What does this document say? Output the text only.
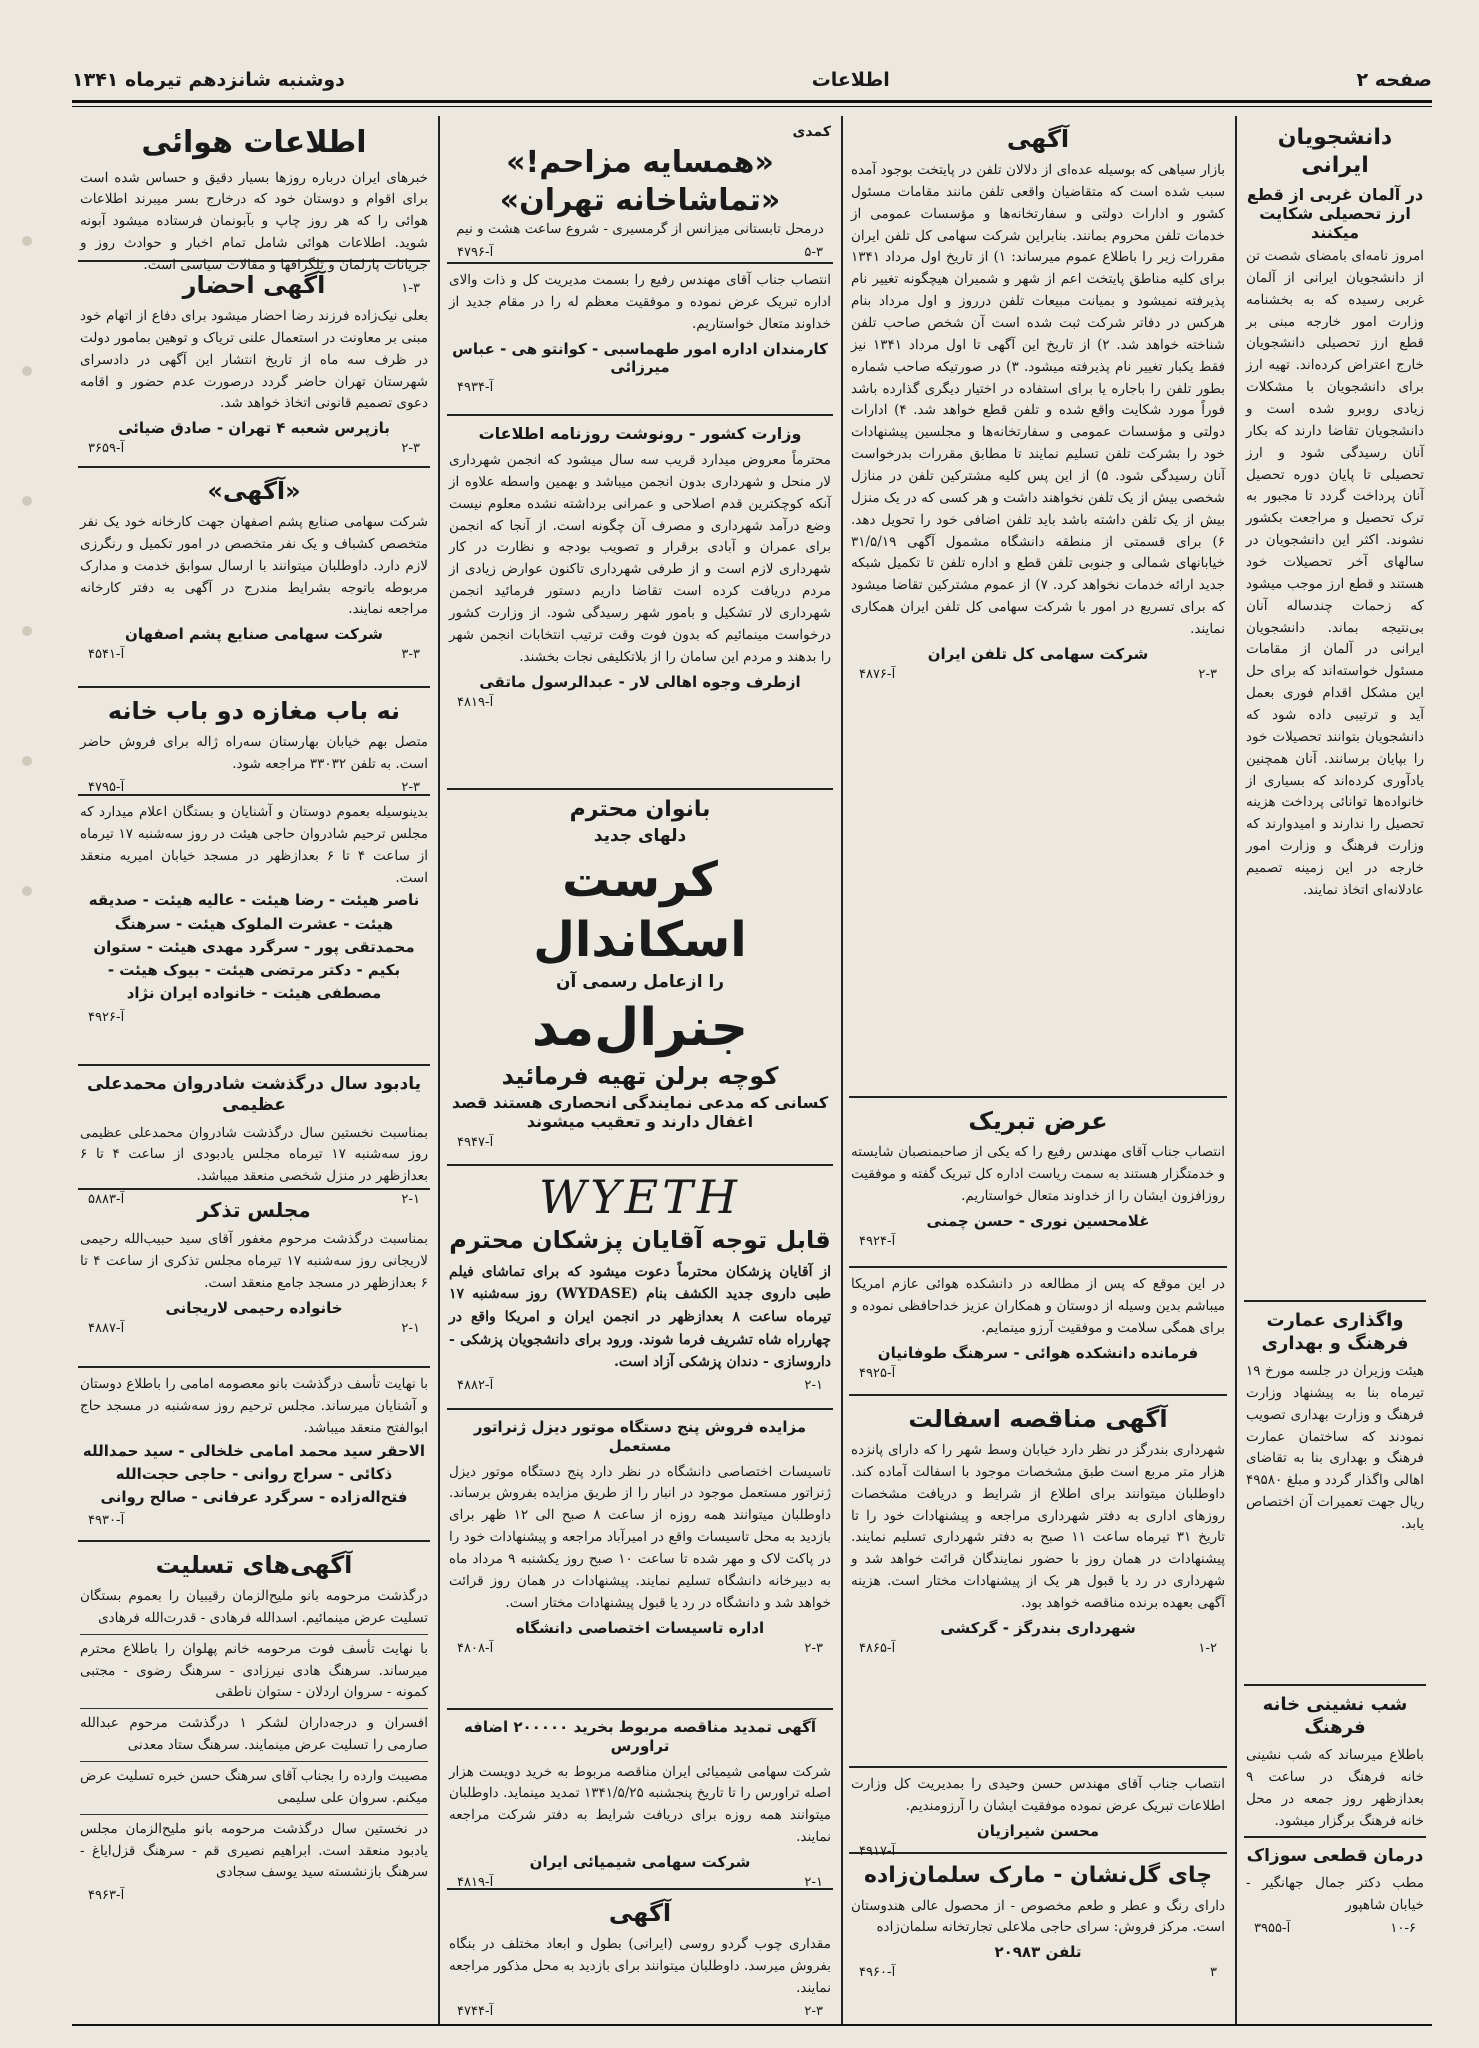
صفحه ۲
اطلاعات
دوشنبه شانزدهم تیرماه ۱۳۴۱
دانشجویان ایرانی
در آلمان غربی از قطع ارز تحصیلی شکایت میکنند
امروز نامه‌ای بامضای شصت تن از دانشجویان ایرانی از آلمان غربی رسیده که به بخشنامه وزارت امور خارجه مبنی بر قطع ارز تحصیلی دانشجویان خارج اعتراض کرده‌اند. تهیه ارز برای دانشجویان با مشکلات زیادی روبرو شده است و دانشجویان تقاضا دارند که بکار آنان رسیدگی شود و ارز تحصیلی تا پایان دوره تحصیل آنان پرداخت گردد تا مجبور به ترک تحصیل و مراجعت بکشور نشوند. اکثر این دانشجویان در سالهای آخر تحصیلات خود هستند و قطع ارز موجب میشود که زحمات چندساله آنان بی‌نتیجه بماند. دانشجویان ایرانی در آلمان از مقامات مسئول خواسته‌اند که برای حل این مشکل اقدام فوری بعمل آید و ترتیبی داده شود که دانشجویان بتوانند تحصیلات خود را بپایان برسانند. آنان همچنین یادآوری کرده‌اند که بسیاری از خانواده‌ها توانائی پرداخت هزینه تحصیل را ندارند و امیدوارند که وزارت فرهنگ و وزارت امور خارجه در این زمینه تصمیم عادلانه‌ای اتخاذ نمایند.
واگذاری عمارت فرهنگ و بهداری
هیئت وزیران در جلسه مورخ ۱۹ تیرماه بنا به پیشنهاد وزارت فرهنگ و وزارت بهداری تصویب نمودند که ساختمان عمارت فرهنگ و بهداری بنا به تقاضای اهالی واگذار گردد و مبلغ ۴۹۵۸۰ ریال جهت تعمیرات آن اختصاص یابد.
شب نشینی خانه فرهنگ
باطلاع میرساند که شب نشینی خانه فرهنگ در ساعت ۹ بعدازظهر روز جمعه در محل خانه فرهنگ برگزار میشود.
درمان قطعی سوزاک
مطب دکتر جمال جهانگیر - خیابان شاهپور
۳۹۵۵-آ	۱۰-۶
آگهی
بازار سیاهی که بوسیله عده‌ای از دلالان تلفن در پایتخت بوجود آمده سبب شده است که متقاضیان واقعی تلفن مانند مقامات مسئول کشور و ادارات دولتی و سفارتخانه‌ها و مؤسسات عمومی از خدمات تلفن محروم بمانند. بنابراین شرکت سهامی کل تلفن ایران مقررات زیر را باطلاع عموم میرساند: ۱) از تاریخ اول مرداد ۱۳۴۱ برای کلیه مناطق پایتخت اعم از شهر و شمیران هیچگونه تغییر نام پذیرفته نمیشود و بمیانت مبیعات تلفن درروز و اول مرداد بنام هرکس در دفاتر شرکت ثبت شده است آن شخص صاحب تلفن شناخته خواهد شد. ۲) از تاریخ این آگهی تا اول مرداد ۱۳۴۱ نیز فقط یکبار تغییر نام پذیرفته میشود. ۳) در صورتیکه صاحب شماره بطور تلفن را باجاره یا برای استفاده در اختیار دیگری گذارده باشد فوراً مورد شکایت واقع شده و تلفن قطع خواهد شد. ۴) ادارات دولتی و مؤسسات عمومی و سفارتخانه‌ها و مجلسین پیشنهادات خود را بشرکت تلفن تسلیم نمایند تا مطابق مقررات بدرخواست آنان رسیدگی شود. ۵) از این پس کلیه مشترکین تلفن در منازل شخصی بیش از یک تلفن نخواهند داشت و هر کسی که در یک منزل بیش از یک تلفن داشته باشد باید تلفن اضافی خود را تحویل دهد. ۶) برای قسمتی از منطقه دانشگاه مشمول آگهی ۳۱/۵/۱۹ خیابانهای شمالی و جنوبی تلفن قطع و اداره تلفن تا تکمیل شبکه جدید ارائه خدمات نخواهد کرد. ۷) از عموم مشترکین تقاضا میشود که برای تسریع در امور با شرکت سهامی کل تلفن ایران همکاری نمایند.
شرکت سهامی کل تلفن ایران
۴۸۷۶-آ	۲-۳
عرض تبریک
انتصاب جناب آقای مهندس رفیع را که یکی از صاحبمنصبان شایسته و خدمتگزار هستند به سمت ریاست اداره کل تبریک گفته و موفقیت روزافزون ایشان را از خداوند متعال خواستاریم.
غلامحسین نوری - حسن چمنی
۴۹۲۴-آ
در این موقع که پس از مطالعه در دانشکده هوائی عازم امریکا میباشم بدین وسیله از دوستان و همکاران عزیز خداحافظی نموده و برای همگی سلامت و موفقیت آرزو مینمایم.
فرمانده دانشکده هوائی - سرهنگ طوفانیان
۴۹۲۵-آ
آگهی مناقصه اسفالت
شهرداری بندرگز در نظر دارد خیابان وسط شهر را که دارای پانزده هزار متر مربع است طبق مشخصات موجود با اسفالت آماده کند. داوطلبان میتوانند برای اطلاع از شرایط و دریافت مشخصات روزهای اداری به دفتر شهرداری مراجعه و پیشنهادات خود را تا تاریخ ۳۱ تیرماه ساعت ۱۱ صبح به دفتر شهرداری تسلیم نمایند. پیشنهادات در همان روز با حضور نمایندگان قرائت خواهد شد و شهرداری در رد یا قبول هر یک از پیشنهادات مختار است. هزینه آگهی بعهده برنده مناقصه خواهد بود.
شهرداری بندرگز - گرکشی
۴۸۶۵-آ	۱-۲
انتصاب جناب آقای مهندس حسن وحیدی را بمدیریت کل وزارت اطلاعات تبریک عرض نموده موفقیت ایشان را آرزومندیم.
محسن شیرازیان
۴۹۱۷-آ
چای گل‌نشان - مارک سلمان‌زاده
دارای رنگ و عطر و طعم مخصوص - از محصول عالی هندوستان است. مرکز فروش: سرای حاجی ملاعلی تجارتخانه سلمان‌زاده
تلفن ۲۰۹۸۳
۴۹۶۰-آ	۳
کمدی
«همسایه مزاحم!»
«تماشاخانه تهران»
درمحل تابستانی میزانس از گرمسیری - شروع ساعت هشت و نیم
۴۷۹۶-آ	۵-۳
انتصاب جناب آقای مهندس رفیع را بسمت مدیریت کل و ذات والای اداره تبریک عرض نموده و موفقیت معظم له را در مقام جدید از خداوند متعال خواستاریم.
کارمندان اداره امور طهماسبی - کوانتو هی - عباس میرزائی
۴۹۳۴-آ
وزارت کشور - رونوشت روزنامه اطلاعات
محترماً معروض میدارد قریب سه سال میشود که انجمن شهرداری لار منحل و شهرداری بدون انجمن میباشد و بهمین واسطه علاوه از آنکه کوچکترین قدم اصلاحی و عمرانی برداشته نشده معلوم نیست وضع درآمد شهرداری و مصرف آن چگونه است. از آنجا که انجمن برای عمران و آبادی برقرار و تصویب بودجه و نظارت در کار شهرداری لازم است و از طرفی شهرداری تاکنون عوارض زیادی از مردم دریافت کرده است تقاضا داریم دستور فرمائید انجمن شهرداری لار تشکیل و بامور شهر رسیدگی شود. از وزارت کشور درخواست مینمائیم که بدون فوت وقت ترتیب انتخابات انجمن شهر را بدهند و مردم این سامان را از بلاتکلیفی نجات بخشند.
ازطرف وجوه اهالی لار - عبدالرسول ماتقی
۴۸۱۹-آ
بانوان محترم
دلهای جدید
کرست اسکاندال
را ازعامل رسمی آن
جنرال‌مد
کوچه برلن تهیه فرمائید
کسانی که مدعی نمایندگی انحصاری هستند قصد اغفال دارند و تعقیب میشوند
۴۹۴۷-آ
WYETH
قابل توجه آقایان پزشکان محترم
از آقایان پزشکان محترماً دعوت میشود که برای تماشای فیلم طبی داروی جدید الکشف بنام (WYDASE) روز سه‌شنبه ۱۷ تیرماه ساعت ۸ بعدازظهر در انجمن ایران و امریکا واقع در چهارراه شاه تشریف فرما شوند. ورود برای دانشجویان پزشکی - داروسازی - دندان پزشکی آزاد است.
۴۸۸۲-آ	۲-۱
مزایده فروش پنج دستگاه موتور دیزل ژنراتور مستعمل
تاسیسات اختصاصی دانشگاه در نظر دارد پنج دستگاه موتور دیزل ژنراتور مستعمل موجود در انبار را از طریق مزایده بفروش برساند. داوطلبان میتوانند همه روزه از ساعت ۸ صبح الی ۱۲ ظهر برای بازدید به محل تاسیسات واقع در امیرآباد مراجعه و پیشنهادات خود را در پاکت لاک و مهر شده تا ساعت ۱۰ صبح روز یکشنبه ۹ مرداد ماه به دبیرخانه دانشگاه تسلیم نمایند. پیشنهادات در همان روز قرائت خواهد شد و دانشگاه در رد یا قبول پیشنهادات مختار است.
اداره تاسیسات اختصاصی دانشگاه
۴۸۰۸-آ	۲-۳
آگهی تمدید مناقصه مربوط بخرید ۲۰۰۰۰۰ اضافه تراورس
شرکت سهامی شیمیائی ایران مناقصه مربوط به خرید دویست هزار اصله تراورس را تا تاریخ پنجشنبه ۱۳۴۱/۵/۲۵ تمدید مینماید. داوطلبان میتوانند همه روزه برای دریافت شرایط به دفتر شرکت مراجعه نمایند.
شرکت سهامی شیمیائی ایران
۴۸۱۹-آ	۲-۱
آگهی
مقداری چوب گردو روسی (ایرانی) بطول و ابعاد مختلف در بنگاه بفروش میرسد. داوطلبان میتوانند برای بازدید به محل مذکور مراجعه نمایند.
۴۷۴۴-آ	۲-۳
اطلاعات هوائی
خبرهای ایران درباره روزها بسیار دقیق و حساس شده است برای اقوام و دوستان خود که درخارج بسر میبرند اطلاعات هوائی را که هر روز چاپ و بآبونمان فرستاده میشود آبونه شوید. اطلاعات هوائی شامل تمام اخبار و حوادث روز و جریانات پارلمان و تلگرافها و مقالات سیاسی است.
۱-۳
آگهی احضار
بعلی نیک‌زاده فرزند رضا احضار میشود برای دفاع از اتهام خود مبنی بر معاونت در استعمال علنی تریاک و توهین بمامور دولت در ظرف سه ماه از تاریخ انتشار این آگهی در دادسرای شهرستان تهران حاضر گردد درصورت عدم حضور و اقامه دعوی تصمیم قانونی اتخاذ خواهد شد.
بازپرس شعبه ۴ تهران - صادق ضیائی
۳۶۵۹-آ	۲-۳
«آگهی»
شرکت سهامی صنایع پشم اصفهان جهت کارخانه خود یک نفر متخصص کشباف و یک نفر متخصص در امور تکمیل و رنگرزی لازم دارد. داوطلبان میتوانند با ارسال سوابق خدمت و مدارک مربوطه باتوجه بشرایط مندرج در آگهی به دفتر کارخانه مراجعه نمایند.
شرکت سهامی صنایع پشم اصفهان
۴۵۴۱-آ	۳-۳
نه باب مغازه دو باب خانه
متصل بهم خیابان بهارستان سه‌راه ژاله برای فروش حاضر است. به تلفن ۳۳۰۳۲ مراجعه شود.
۴۷۹۵-آ	۲-۳
بدینوسیله بعموم دوستان و آشنایان و بستگان اعلام میدارد که مجلس ترحیم شادروان حاجی هیئت در روز سه‌شنبه ۱۷ تیرماه از ساعت ۴ تا ۶ بعدازظهر در مسجد خیابان امیریه منعقد است.
ناصر هیئت - رضا هیئت - عالیه هیئت - صدیقه هیئت - عشرت الملوک هیئت - سرهنگ محمدتقی پور - سرگرد مهدی هیئت - ستوان بکیم - دکتر مرتضی هیئت - بیوک هیئت - مصطفی هیئت - خانواده ایران نژاد
۴۹۲۶-آ
یادبود سال درگذشت شادروان محمدعلی عظیمی
بمناسبت نخستین سال درگذشت شادروان محمدعلی عظیمی روز سه‌شنبه ۱۷ تیرماه مجلس یادبودی از ساعت ۴ تا ۶ بعدازظهر در منزل شخصی منعقد میباشد.
۵۸۸۳-آ	۲-۱
مجلس تذکر
بمناسبت درگذشت مرحوم مغفور آقای سید حبیب‌الله رحیمی لاریجانی روز سه‌شنبه ۱۷ تیرماه مجلس تذکری از ساعت ۴ تا ۶ بعدازظهر در مسجد جامع منعقد است.
خانواده رحیمی لاریجانی
۴۸۸۷-آ	۲-۱
با نهایت تأسف درگذشت بانو معصومه امامی را باطلاع دوستان و آشنایان میرساند. مجلس ترحیم روز سه‌شنبه در مسجد حاج ابوالفتح منعقد میباشد.
الاحقر سید محمد امامی خلخالی - سید حمدالله ذکائی - سراج روانی - حاجی حجت‌الله فتح‌اله‌زاده - سرگرد عرفانی - صالح روانی
۴۹۳۰-آ
آگهی‌های تسلیت
درگذشت مرحومه بانو ملیح‌الزمان رقیبیان را بعموم بستگان تسلیت عرض مینمائیم. اسدالله فرهادی - قدرت‌الله فرهادی
با نهایت تأسف فوت مرحومه خانم پهلوان را باطلاع محترم میرساند. سرهنگ هادی نیرزادی - سرهنگ رضوی - مجتبی کمونه - سروان اردلان - ستوان ناطقی
افسران و درجه‌داران لشکر ۱ درگذشت مرحوم عبدالله صارمی را تسلیت عرض مینمایند. سرهنگ ستاد معدنی
مصیبت وارده را بجناب آقای سرهنگ حسن خبره تسلیت عرض میکنم. سروان علی سلیمی
در نخستین سال درگذشت مرحومه بانو ملیح‌الزمان مجلس یادبود منعقد است. ابراهیم نصیری قم - سرهنگ قزل‌ایاغ - سرهنگ بازنشسته سید یوسف سجادی
۴۹۶۳-آ
